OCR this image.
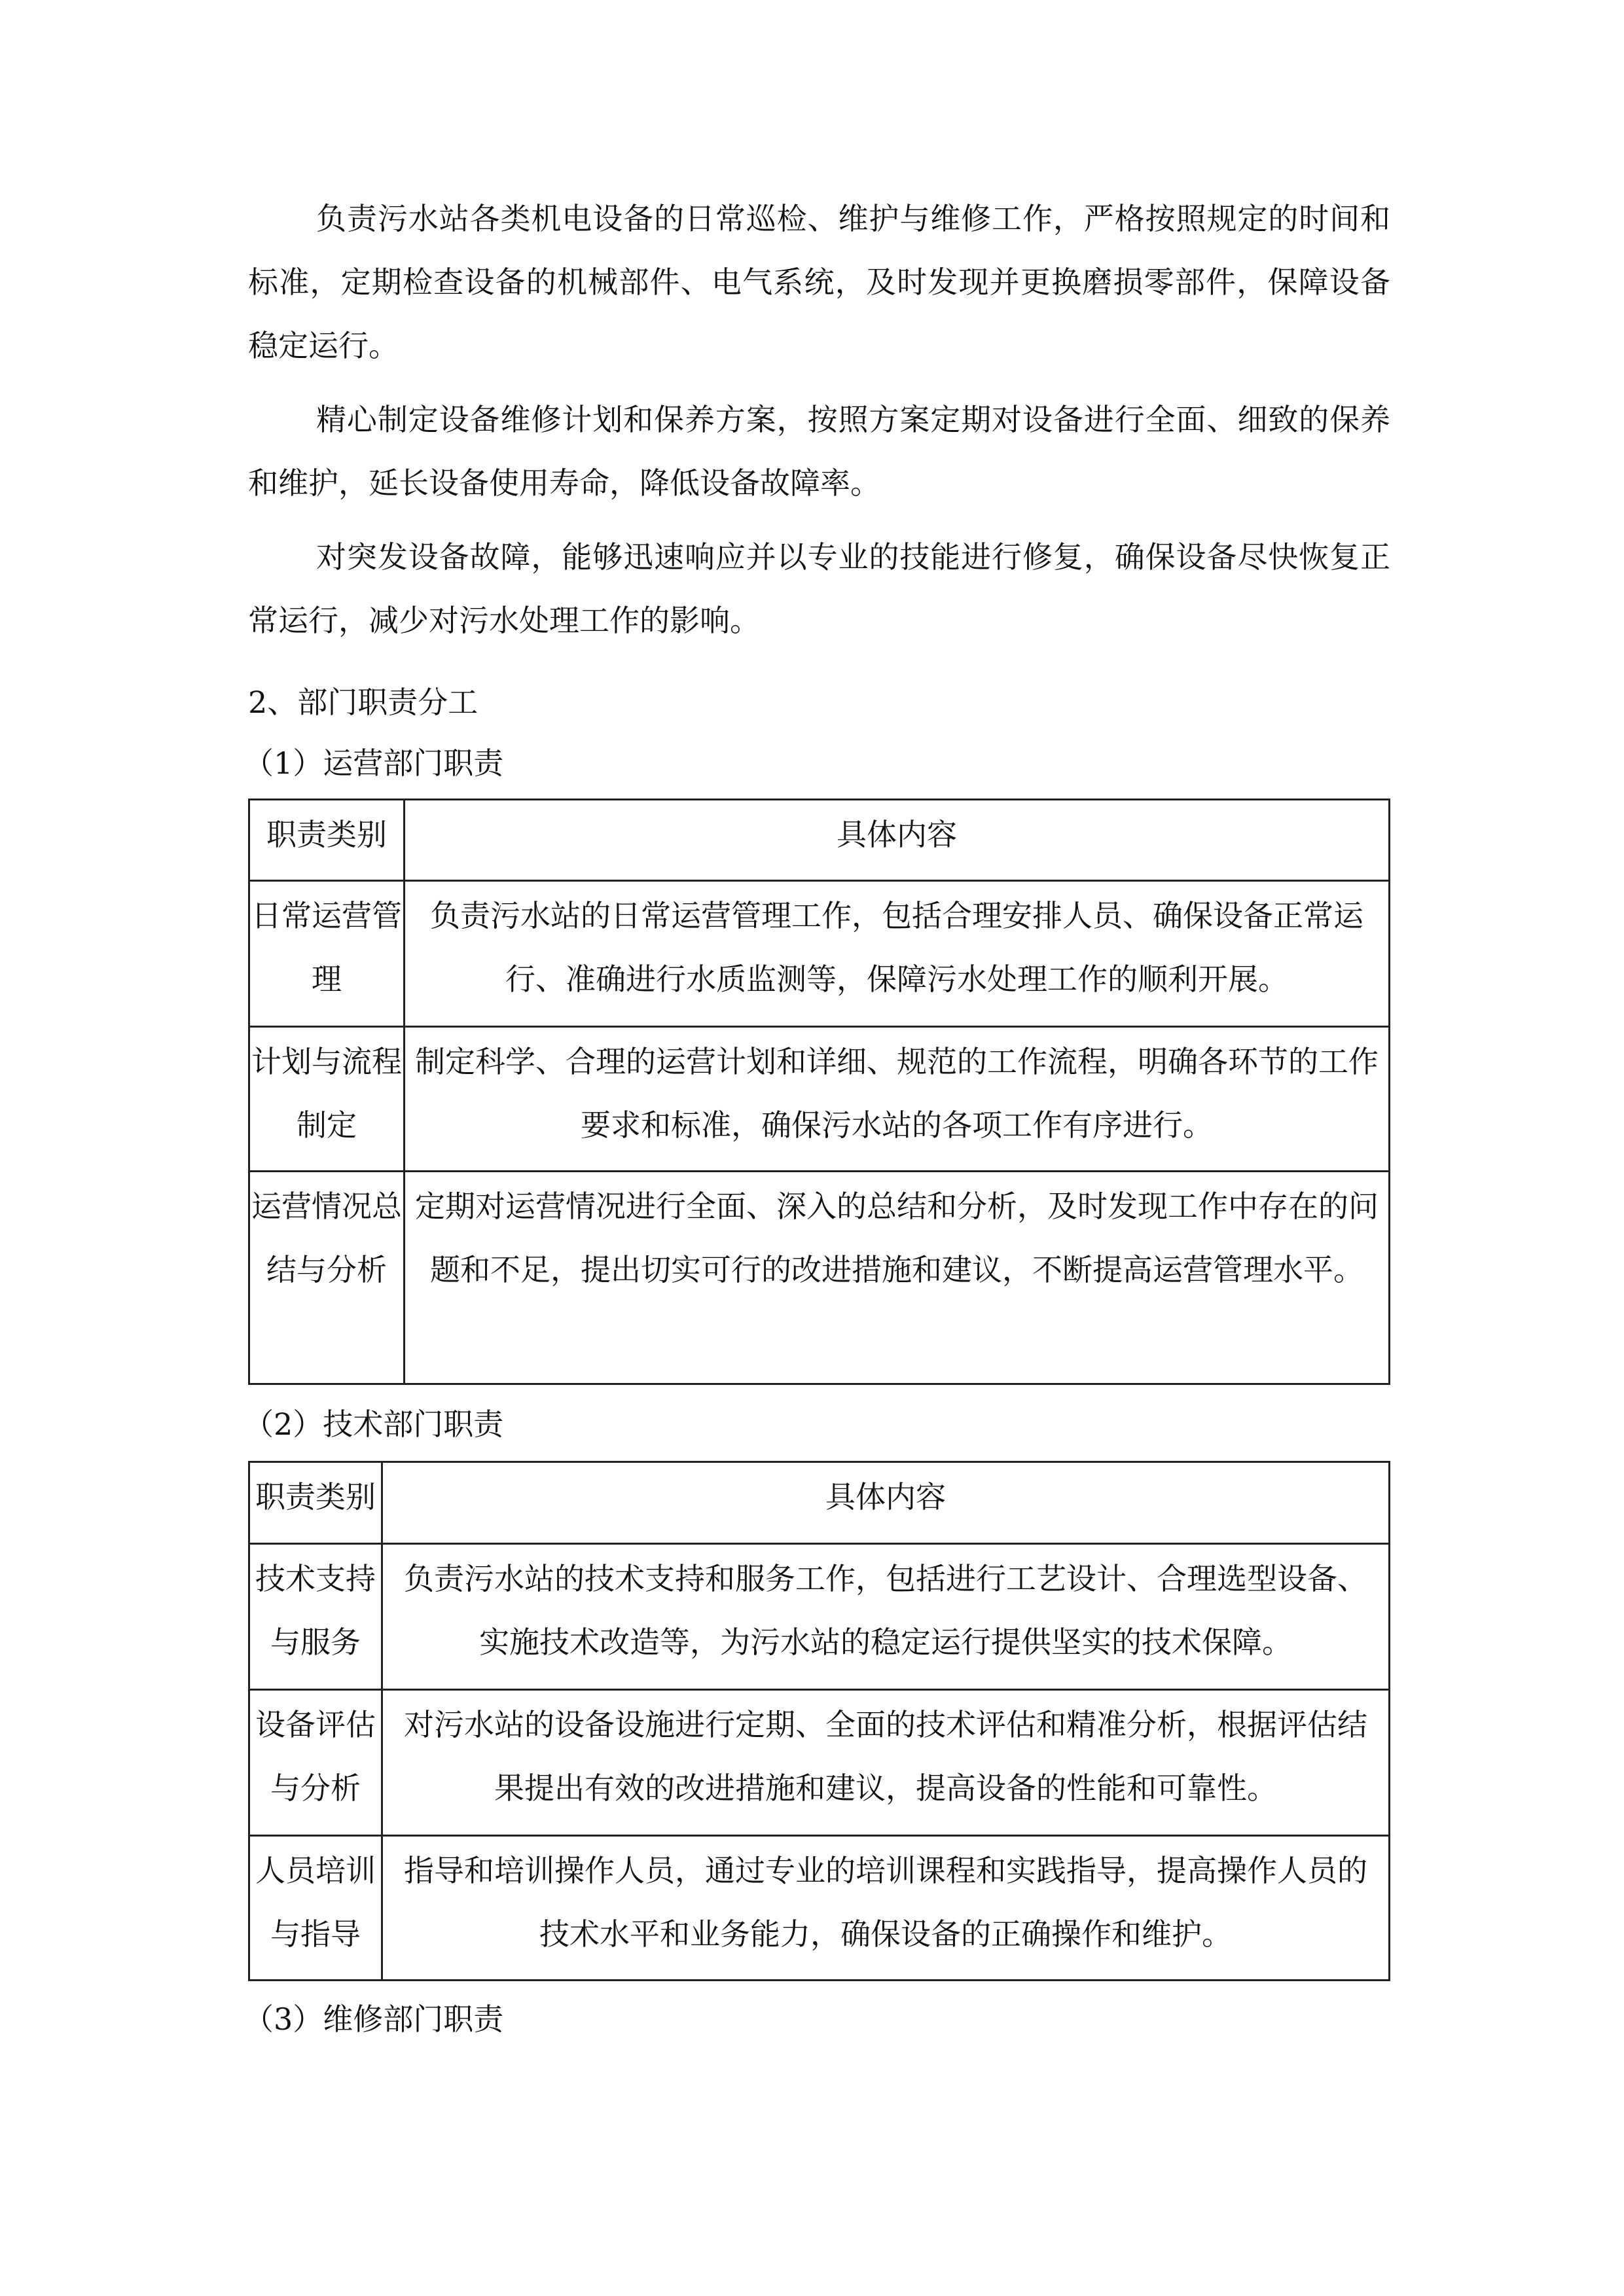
负责污水站各类机电设备的日常巡检、维护与维修工作，严格按照规定的时间和标准，定期检查设备的机械部件、电气系统，及时发现并更换磨损零部件，保障设备稳定运行。

精心制定设备维修计划和保养方案，按照方案定期对设备进行全面、细致的保养和维护，延长设备使用寿命，降低设备故障率。

对突发设备故障，能够迅速响应并以专业的技能进行修复，确保设备尽快恢复正常运行，减少对污水处理工作的影响。

2、部门职责分工
（1）运营部门职责
职责类别	具体内容
日常运营管理	负责污水站的日常运营管理工作，包括合理安排人员、确保设备正常运行、准确进行水质监测等，保障污水处理工作的顺利开展。
计划与流程制定	制定科学、合理的运营计划和详细、规范的工作流程，明确各环节的工作要求和标准，确保污水站的各项工作有序进行。
运营情况总结与分析	定期对运营情况进行全面、深入的总结和分析，及时发现工作中存在的问题和不足，提出切实可行的改进措施和建议，不断提高运营管理水平。
（2）技术部门职责
职责类别	具体内容
技术支持与服务	负责污水站的技术支持和服务工作，包括进行工艺设计、合理选型设备、实施技术改造等，为污水站的稳定运行提供坚实的技术保障。
设备评估与分析	对污水站的设备设施进行定期、全面的技术评估和精准分析，根据评估结果提出有效的改进措施和建议，提高设备的性能和可靠性。
人员培训与指导	指导和培训操作人员，通过专业的培训课程和实践指导，提高操作人员的技术水平和业务能力，确保设备的正确操作和维护。
（3）维修部门职责
